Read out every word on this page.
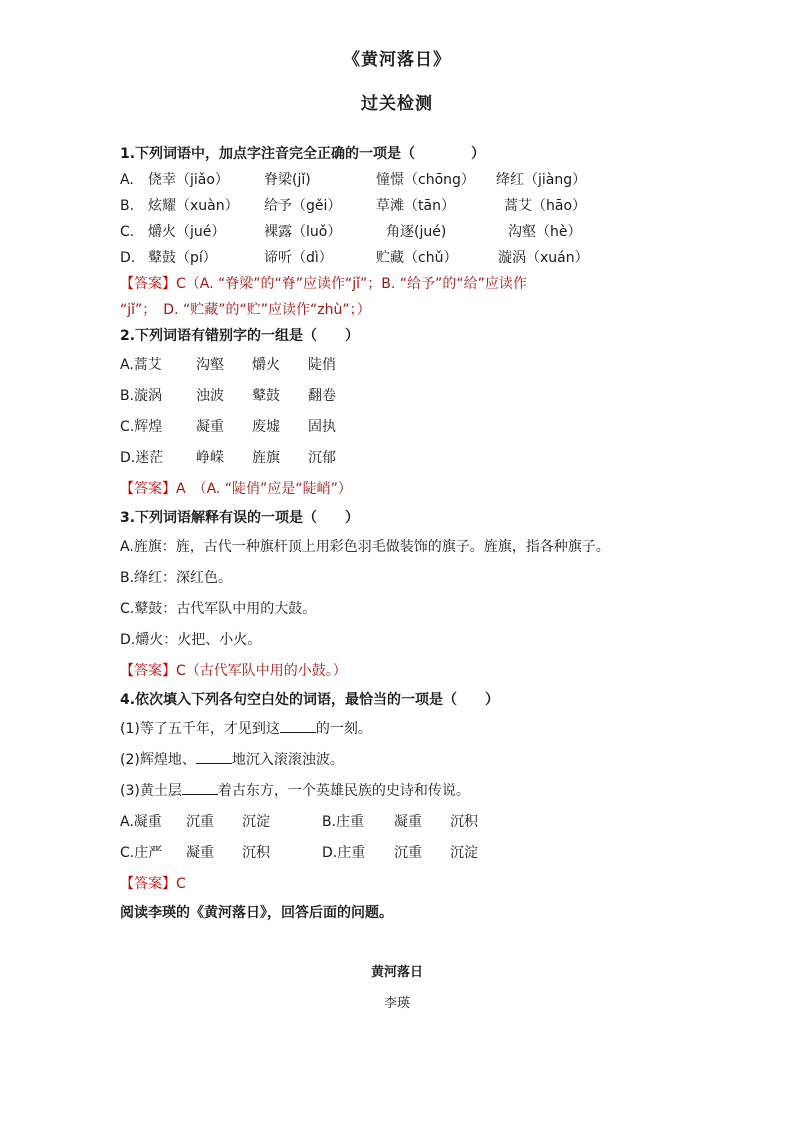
《黄河落日》
过关检测
1.下列词语中，加点字注音完全正确的一项是（　　　　）
A. 侥幸（jiǎo）	脊梁(jǐ)	憧憬（chōng） 绛红（jiàng）
B. 炫耀（xuàn） 给予（gěi） 草滩（tān）	蒿艾（hāo）
C. 爝火（jué）	裸露（luǒ）	角逐(jué)	沟壑（hè）
D. 鼙鼓（pí）	谛听（dì）	贮藏（chǔ）	漩涡（xuán）
【答案】C（A. “脊梁”的“脊”应读作“jǐ”；B. “给予”的“给”应读作
“jǐ”；　D. “贮藏”的“贮”应读作“zhù”；）
2.下列词语有错别字的一组是（　　）
A.蒿艾 沟壑 爝火 陡俏
B.漩涡 浊波 鼙鼓 翻卷
C.辉煌 凝重 废墟 固执
D.迷茫 峥嵘 旌旗 沉郁
【答案】A　（A. “陡俏”应是“陡峭”）
3.下列词语解释有误的一项是（　　）
A.旌旗：旌，古代一种旗杆顶上用彩色羽毛做装饰的旗子。旌旗，指各种旗子。
B.绛红：深红色。
C.鼙鼓：古代军队中用的大鼓。
D.爝火：火把、小火。
【答案】C（古代军队中用的小鼓。）
4.依次填入下列各句空白处的词语，最恰当的一项是（　　）
(1)等了五千年，才见到这	的一刻。
(2)辉煌地、	地沉入滚滚浊波。
(3)黄土层	着古东方，一个英雄民族的史诗和传说。
A.凝重 沉重 沉淀	B.庄重 凝重 沉积
C.庄严 凝重 沉积	D.庄重 沉重 沉淀
【答案】C
阅读李瑛的《黄河落日》，回答后面的问题。
黄河落日
李瑛
